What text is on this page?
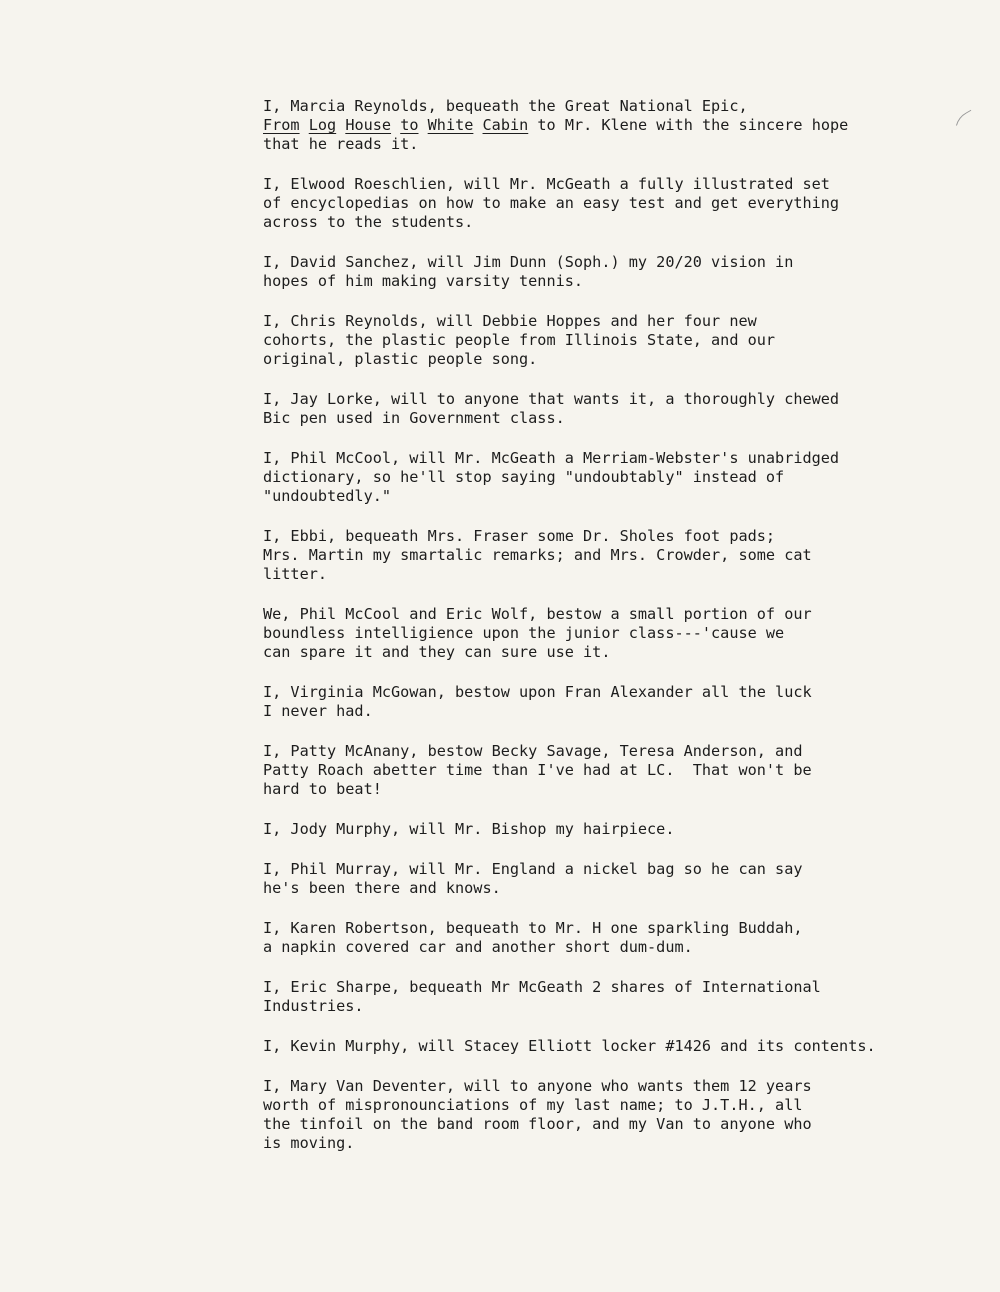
I, Marcia Reynolds, bequeath the Great National Epic,
From Log House to White Cabin to Mr. Klene with the sincere hope
that he reads it.

I, Elwood Roeschlien, will Mr. McGeath a fully illustrated set
of encyclopedias on how to make an easy test and get everything
across to the students.

I, David Sanchez, will Jim Dunn (Soph.) my 20/20 vision in
hopes of him making varsity tennis.

I, Chris Reynolds, will Debbie Hoppes and her four new
cohorts, the plastic people from Illinois State, and our
original, plastic people song.

I, Jay Lorke, will to anyone that wants it, a thoroughly chewed
Bic pen used in Government class.

I, Phil McCool, will Mr. McGeath a Merriam-Webster's unabridged
dictionary, so he'll stop saying "undoubtably" instead of
"undoubtedly."

I, Ebbi, bequeath Mrs. Fraser some Dr. Sholes foot pads;
Mrs. Martin my smartalic remarks; and Mrs. Crowder, some cat
litter.

We, Phil McCool and Eric Wolf, bestow a small portion of our
boundless intelligience upon the junior class---'cause we
can spare it and they can sure use it.

I, Virginia McGowan, bestow upon Fran Alexander all the luck
I never had.

I, Patty McAnany, bestow Becky Savage, Teresa Anderson, and
Patty Roach abetter time than I've had at LC.  That won't be
hard to beat!

I, Jody Murphy, will Mr. Bishop my hairpiece.

I, Phil Murray, will Mr. England a nickel bag so he can say
he's been there and knows.

I, Karen Robertson, bequeath to Mr. H one sparkling Buddah,
a napkin covered car and another short dum-dum.

I, Eric Sharpe, bequeath Mr McGeath 2 shares of International
Industries.

I, Kevin Murphy, will Stacey Elliott locker #1426 and its contents.

I, Mary Van Deventer, will to anyone who wants them 12 years
worth of mispronounciations of my last name; to J.T.H., all
the tinfoil on the band room floor, and my Van to anyone who
is moving.
